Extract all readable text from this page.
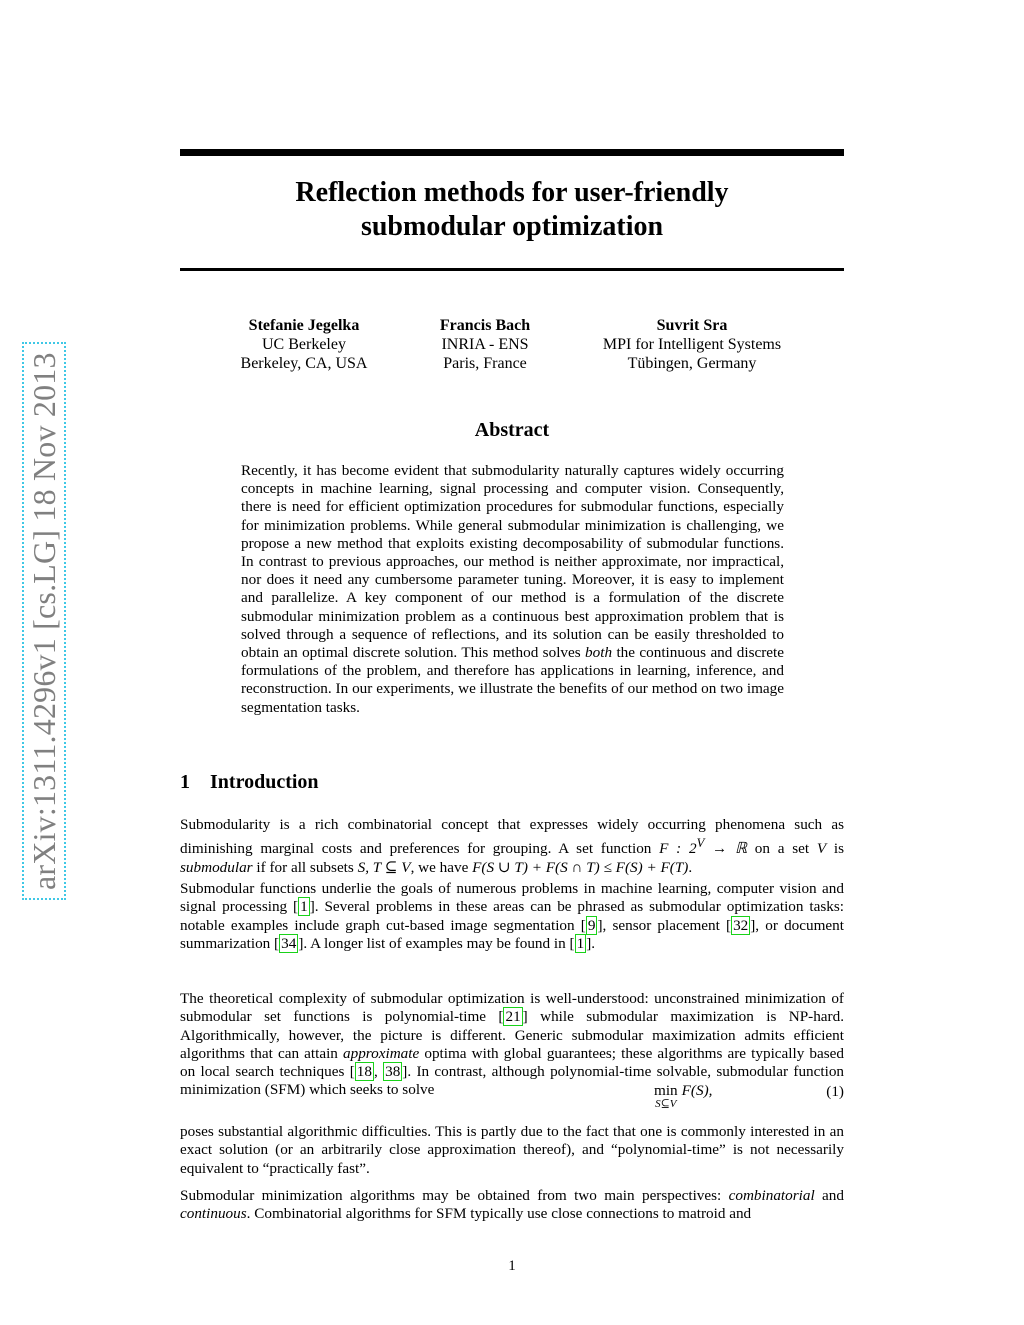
arXiv:1311.4296v1 [cs.LG] 18 Nov 2013
Reflection methods for user-friendly
submodular optimization
Stefanie Jegelka
UC Berkeley
Berkeley, CA, USA
Francis Bach
INRIA - ENS
Paris, France
Suvrit Sra
MPI for Intelligent Systems
Tübingen, Germany
Abstract
Recently, it has become evident that submodularity naturally captures widely occurring concepts in machine learning, signal processing and computer vision. Consequently, there is need for efficient optimization procedures for submodular functions, especially for minimization problems. While general submodular minimization is challenging, we propose a new method that exploits existing decomposability of submodular functions. In contrast to previous approaches, our method is neither approximate, nor impractical, nor does it need any cumbersome parameter tuning. Moreover, it is easy to implement and parallelize. A key component of our method is a formulation of the discrete submodular minimization problem as a continuous best approximation problem that is solved through a sequence of reflections, and its solution can be easily thresholded to obtain an optimal discrete solution. This method solves both the continuous and discrete formulations of the problem, and therefore has applications in learning, inference, and reconstruction. In our experiments, we illustrate the benefits of our method on two image segmentation tasks.
1 Introduction
Submodularity is a rich combinatorial concept that expresses widely occurring phenomena such as diminishing marginal costs and preferences for grouping. A set function F : $2^V$ → ℝ on a set V is submodular if for all subsets S, T ⊆ V, we have F(S ∪ T) + F(S ∩ T) ≤ F(S) + F(T).
Submodular functions underlie the goals of numerous problems in machine learning, computer vision and signal processing [ 1 ]. Several problems in these areas can be phrased as submodular optimization tasks: notable examples include graph cut-based image segmentation [ 9 ], sensor placement [ 32 ], or document summarization [ 34 ]. A longer list of examples may be found in [ 1 ].
The theoretical complexity of submodular optimization is well-understood: unconstrained minimization of submodular set functions is polynomial-time [ 21 ] while submodular maximization is NP-hard. Algorithmically, however, the picture is different. Generic submodular maximization admits efficient algorithms that can attain approximate optima with global guarantees; these algorithms are typically based on local search techniques [ 18 , 38 ]. In contrast, although polynomial-time solvable, submodular function minimization (SFM) which seeks to solve	min
S⊆V
F(S),	(1)
poses substantial algorithmic difficulties. This is partly due to the fact that one is commonly interested in an exact solution (or an arbitrarily close approximation thereof), and “polynomial-time” is not necessarily equivalent to “practically fast”.
Submodular minimization algorithms may be obtained from two main perspectives: combinatorial and continuous. Combinatorial algorithms for SFM typically use close connections to matroid and
1
